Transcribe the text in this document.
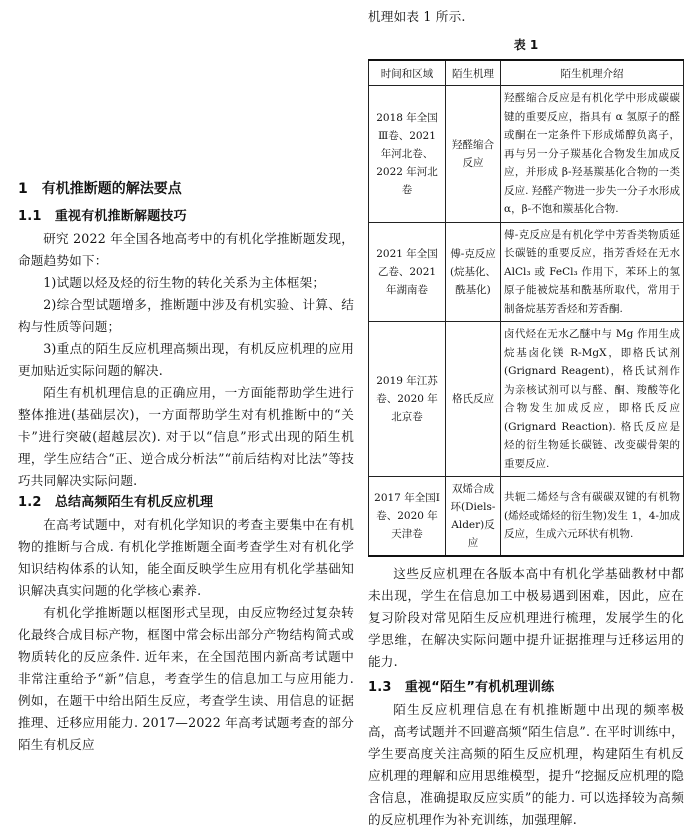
1　有机推断题的解法要点

1.1　重视有机推断解题技巧

研究 2022 年全国各地高考中的有机化学推断题发现，命题趋势如下：

1)试题以烃及烃的衍生物的转化关系为主体框架；

2)综合型试题增多，推断题中涉及有机实验、计算、结构与性质等问题；

3)重点的陌生反应机理高频出现，有机反应机理的应用更加贴近实际问题的解决.

陌生有机机理信息的正确应用，一方面能帮助学生进行整体推进(基础层次)，一方面帮助学生对有机推断中的“关卡”进行突破(超越层次). 对于以“信息”形式出现的陌生机理，学生应结合“正、逆合成分析法”“前后结构对比法”等技巧共同解决实际问题.

1.2　总结高频陌生有机反应机理

在高考试题中，对有机化学知识的考查主要集中在有机物的推断与合成. 有机化学推断题全面考查学生对有机化学知识结构体系的认知，能全面反映学生应用有机化学基础知识解决真实问题的化学核心素养.

有机化学推断题以框图形式呈现，由反应物经过复杂转化最终合成目标产物，框图中常会标出部分产物结构简式或物质转化的反应条件. 近年来，在全国范围内新高考试题中非常注重给予“新”信息，考查学生的信息加工与应用能力. 例如，在题干中给出陌生反应，考查学生读、用信息的证据推理、迁移应用能力. 2017—2022 年高考试题考查的部分陌生有机反应

机理如表 1 所示.

表 1
时间和区域	陌生机理	陌生机理介绍
2018 年全国Ⅲ卷、2021 年河北卷、2022 年河北卷	羟醛缩合反应	羟醛缩合反应是有机化学中形成碳碳键的重要反应，指具有 α 氢原子的醛或酮在一定条件下形成烯醇负离子，再与另一分子羰基化合物发生加成反应，并形成 β-羟基羰基化合物的一类反应. 羟醛产物进一步失一分子水形成 α，β-不饱和羰基化合物.
2021 年全国乙卷、2021 年湖南卷	傅-克反应(烷基化、酰基化)	傅-克反应是有机化学中芳香类物质延长碳链的重要反应，指芳香烃在无水 AlCl₃ 或 FeCl₃ 作用下，苯环上的氢原子能被烷基和酰基所取代，常用于制备烷基芳香烃和芳香酮.
2019 年江苏卷、2020 年北京卷	格氏反应	卤代烃在无水乙醚中与 Mg 作用生成烷基卤化镁 R-MgX，即格氏试剂(Grignard Reagent)，格氏试剂作为亲核试剂可以与醛、酮、羧酸等化合物发生加成反应，即格氏反应(Grignard Reaction). 格氏反应是烃的衍生物延长碳链、改变碳骨架的重要反应.
2017 年全国Ⅰ卷、2020 年天津卷	双烯合成环(Diels-Alder)反应	共轭二烯烃与含有碳碳双键的有机物(烯烃或烯烃的衍生物)发生 1，4-加成反应，生成六元环状有机物.

这些反应机理在各版本高中有机化学基础教材中都未出现，学生在信息加工中极易遇到困难，因此，应在复习阶段对常见陌生反应机理进行梳理，发展学生的化学思维，在解决实际问题中提升证据推理与迁移运用的能力.

1.3　重视“陌生”有机机理训练

陌生反应机理信息在有机推断题中出现的频率极高，高考试题并不回避高频“陌生信息”. 在平时训练中，学生要高度关注高频的陌生反应机理，构建陌生有机反应机理的理解和应用思维模型，提升“挖掘反应机理的隐含信息，准确提取反应实质”的能力. 可以选择较为高频的反应机理作为补充训练，加强理解.
